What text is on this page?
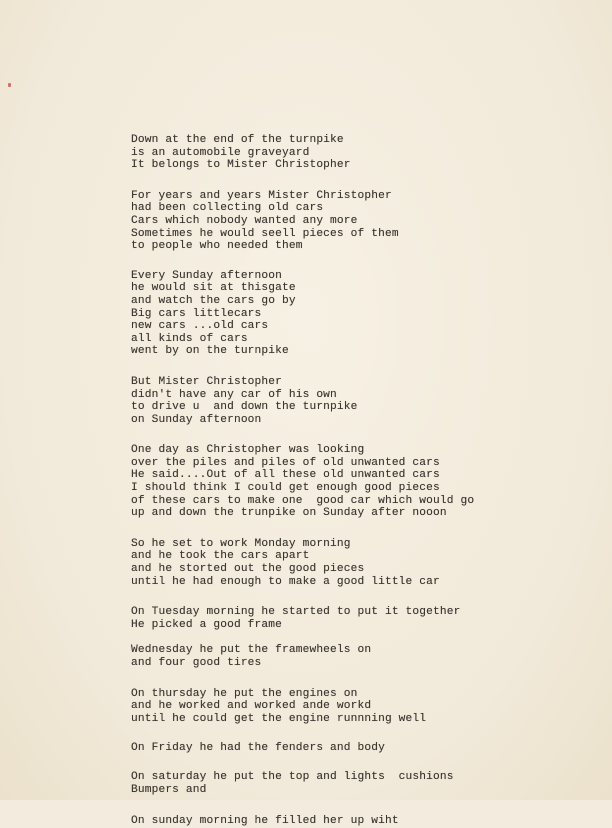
Down at the end of the turnpike
is an automobile graveyard
It belongs to Mister Christopher
For years and years Mister Christopher
had been collecting old cars
Cars which nobody wanted any more
Sometimes he would seell pieces of them
to people who needed them
Every Sunday afternoon
he would sit at thisgate
and watch the cars go by
Big cars littlecars
new cars ...old cars
all kinds of cars
went by on the turnpike
But Mister Christopher
didn't have any car of his own
to drive u  and down the turnpike
on Sunday afternoon
One day as Christopher was looking
over the piles and piles of old unwanted cars
He said....Out of all these old unwanted cars
I should think I could get enough good pieces
of these cars to make one  good car which would go
up and down the trunpike on Sunday after nooon
So he set to work Monday morning
and he took the cars apart
and he storted out the good pieces
until he had enough to make a good little car
On Tuesday morning he started to put it together
He picked a good frame
Wednesday he put the framewheels on
and four good tires
On thursday he put the engines on
and he worked and worked ande workd
until he could get the engine runnning well
On Friday he had the fenders and body
On saturday he put the top and lights  cushions
Bumpers and
On sunday morning he filled her up wiht
